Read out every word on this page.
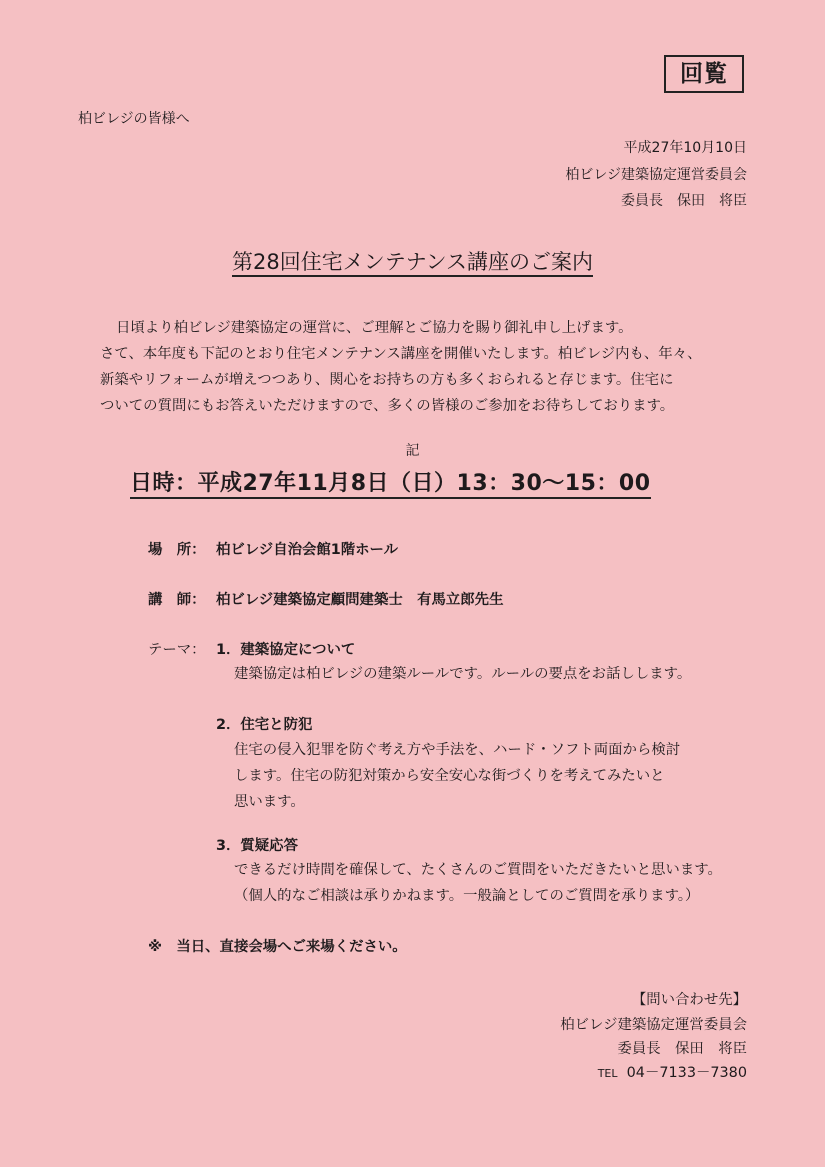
回覧
柏ビレジの皆様へ
平成27年10月10日
柏ビレジ建築協定運営委員会
委員長　保田　将臣
第28回住宅メンテナンス講座のご案内
日頃より柏ビレジ建築協定の運営に、ご理解とご協力を賜り御礼申し上げます。
さて、本年度も下記のとおり住宅メンテナンス講座を開催いたします。柏ビレジ内も、年々、
新築やリフォームが増えつつあり、関心をお持ちの方も多くおられると存じます。住宅に
ついての質問にもお答えいただけますので、多くの皆様のご参加をお待ちしております。
記
日時：平成27年11月8日（日）13：30～15：00
場　所： 柏ビレジ自治会館1階ホール
講　師： 柏ビレジ建築協定顧問建築士　有馬立郎先生
テーマ： 1．建築協定について
建築協定は柏ビレジの建築ルールです。ルールの要点をお話しします。
2．住宅と防犯
住宅の侵入犯罪を防ぐ考え方や手法を、ハード・ソフト両面から検討
します。住宅の防犯対策から安全安心な街づくりを考えてみたいと
思います。
3．質疑応答
できるだけ時間を確保して、たくさんのご質問をいただきたいと思います。
（個人的なご相談は承りかねます。一般論としてのご質問を承ります。）
※　当日、直接会場へご来場ください。
【問い合わせ先】
柏ビレジ建築協定運営委員会
委員長　保田　将臣
TEL 04－7133－7380
